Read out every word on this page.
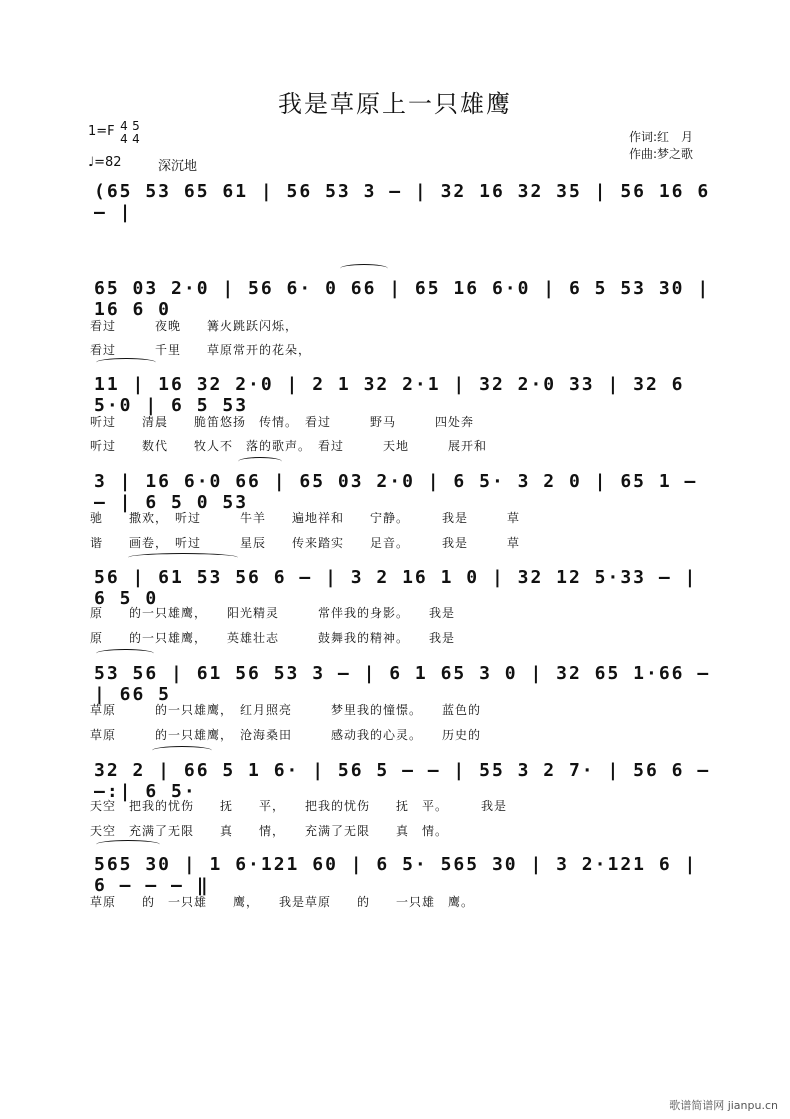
我是草原上一只雄鹰
1=F 4 5
4 4
♩=82	深沉地
作词:红　月
作曲:梦之歌
(65 53 65 61 | 56 53 3 — | 32 16 32 35 | 56 16 6 — |
65 03 2·0 | 56 6· 0 66 | 65 16 6·0 | 6 5 53 30 | 16 6 0
看过　　　夜晚　　篝火跳跃闪烁，
看过　　　千里　　草原常开的花朵，
11 | 16 32 2·0 | 2 1 32 2·1 | 32 2·0 33 | 32 6 5·0 | 6 5 53
听过　　清晨　　脆笛悠扬　传情。　看过　　　野马　　　四处奔
听过　　数代　　牧人不　落的歌声。　看过　　　天地　　　展开和
3 | 16 6·0 66 | 65 03 2·0 | 6 5· 3 2 0 | 65 1 — — | 6 5 0 53
驰　　撒欢，　听过　　　牛羊　　遍地祥和　　宁静。　　　我是　　　草
谐　　画卷，　听过　　　星辰　　传来踏实　　足音。　　　我是　　　草
56 | 61 53 56 6 — | 3 2 16 1 0 | 32 12 5·33 — | 6 5 0
原　　的一只雄鹰，　　阳光精灵　　　常伴我的身影。　　我是
原　　的一只雄鹰，　　英雄壮志　　　鼓舞我的精神。　　我是
53 56 | 61 56 53 3 — | 6 1 65 3 0 | 32 65 1·66 — | 66 5
草原　　　的一只雄鹰，　红月照亮　　　梦里我的憧憬。　　蓝色的
草原　　　的一只雄鹰，　沧海桑田　　　感动我的心灵。　　历史的
32 2 | 66 5 1 6· | 56 5 — — | 55 3 2 7· | 56 6 — —:| 6 5·
天空　把我的忧伤　　抚　　平，　　把我的忧伤　　抚　平。　　　我是
天空　充满了无限　　真　　情，　　充满了无限　　真　情。
565 30 | 1 6·121 60 | 6 5· 565 30 | 3 2·121 6 | 6 — — — ‖
草原　　的　一只雄　　鹰，　　我是草原　　的　　一只雄　鹰。
歌谱简谱网 jianpu.cn
